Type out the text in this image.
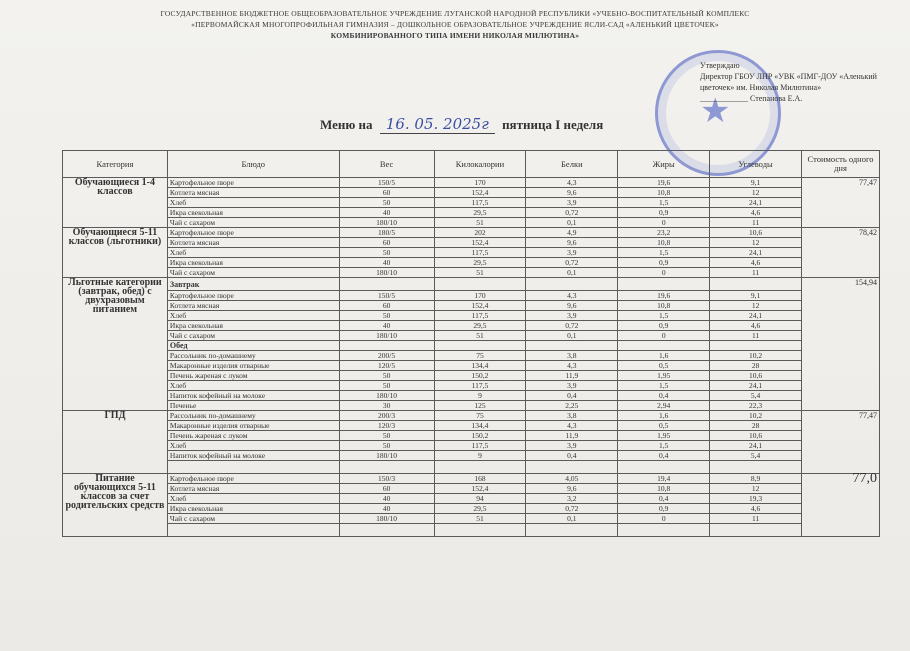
ГОСУДАРСТВЕННОЕ БЮДЖЕТНОЕ ОБЩЕОБРАЗОВАТЕЛЬНОЕ УЧРЕЖДЕНИЕ ЛУГАНСКОЙ НАРОДНОЙ РЕСПУБЛИКИ «УЧЕБНО-ВОСПИТАТЕЛЬНЫЙ КОМПЛЕКС
«ПЕРВОМАЙСКАЯ МНОГОПРОФИЛЬНАЯ ГИМНАЗИЯ – ДОШКОЛЬНОЕ ОБРАЗОВАТЕЛЬНОЕ УЧРЕЖДЕНИЕ ЯСЛИ-САД «АЛЕНЬКИЙ ЦВЕТОЧЕК»
КОМБИНИРОВАННОГО ТИПА ИМЕНИ НИКОЛАЯ МИЛЮТИНА»
★
Утверждаю
Директор ГБОУ ЛНР «УВК «ПМГ-ДОУ «Аленький
цветочек» им. Николая Милютина»
____________ Степанова Е.А.
Меню на 16. 05. 2025г пятница I неделя
Категория	Блюдо	Вес	Килокалории	Белки	Жиры	Углеводы	Стоимость одного дня
Обучающиеся 1-4 классов	Картофельное пюре	150/5	170	4,3	19,6	9,1	77,47
	Котлета мясная	60	152,4	9,6	10,8	12	
	Хлеб	50	117,5	3,9	1,5	24,1	
	Икра свекольная	40	29,5	0,72	0,9	4,6	
	Чай с сахаром	180/10	51	0,1	0	11	
Обучающиеся 5-11 классов (льготники)	Картофельное пюре	180/5	202	4,9	23,2	10,6	78,42
	Котлета мясная	60	152,4	9,6	10,8	12	
	Хлеб	50	117,5	3,9	1,5	24,1	
	Икра свекольная	40	29,5	0,72	0,9	4,6	
	Чай с сахаром	180/10	51	0,1	0	11	
Льготные категории (завтрак, обед) с двухразовым питанием	Завтрак						154,94
	Картофельное пюре	150/5	170	4,3	19,6	9,1	
	Котлета мясная	60	152,4	9,6	10,8	12	
	Хлеб	50	117,5	3,9	1,5	24,1	
	Икра свекольная	40	29,5	0,72	0,9	4,6	
	Чай с сахаром	180/10	51	0,1	0	11	
	Обед						
	Рассольник по-домашнему	200/5	75	3,8	1,6	10,2	
	Макаронные изделия отварные	120/5	134,4	4,3	0,5	28	
	Печень жареная с луком	50	150,2	11,9	1,95	10,6	
	Хлеб	50	117,5	3,9	1,5	24,1	
	Напиток кофейный на молоке	180/10	9	0,4	0,4	5,4	
	Печенье	30	125	2,25	2,94	22,3	
ГПД	Рассольник по-домашнему	200/3	75	3,8	1,6	10,2	77,47
	Макаронные изделия отварные	120/3	134,4	4,3	0,5	28	
	Печень жареная с луком	50	150,2	11,9	1,95	10,6	
	Хлеб	50	117,5	3,9	1,5	24,1	
	Напиток кофейный на молоке	180/10	9	0,4	0,4	5,4	

Питание обучающихся 5-11 классов за счет родительских средств	Картофельное пюре	150/3	168	4,05	19,4	8,9	77,0
	Котлета мясная	60	152,4	9,6	10,8	12	
	Хлеб	40	94	3,2	0,4	19,3	
	Икра свекольная	40	29,5	0,72	0,9	4,6	
	Чай с сахаром	180/10	51	0,1	0	11	
